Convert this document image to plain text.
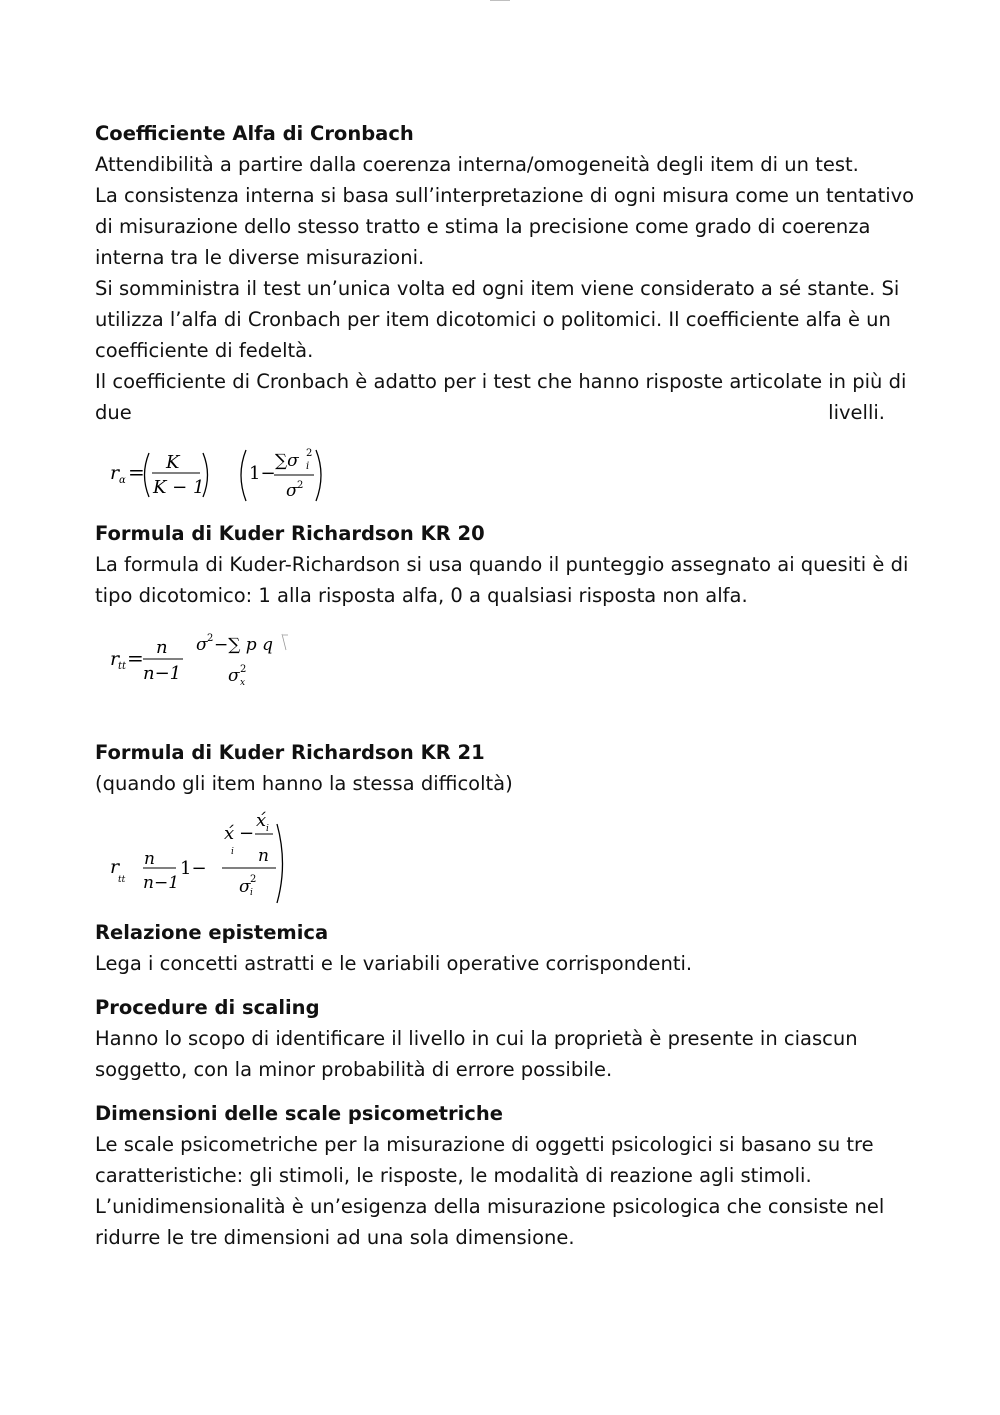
Coefficiente Alfa di Cronbach
Attendibilità a partire dalla coerenza interna/omogeneità degli item di un test.
La consistenza interna si basa sull’interpretazione di ogni misura come un tentativo
di misurazione dello stesso tratto e stima la precisione come grado di coerenza
interna tra le diverse misurazioni.
Si somministra il test un’unica volta ed ogni item viene considerato a sé stante. Si
utilizza l’alfa di Cronbach per item dicotomici o politomici. Il coefficiente alfa è un
coefficiente di fedeltà.
Il coefficiente di Cronbach è adatto per i test che hanno risposte articolate in più di
due	livelli.
r α = K
K − 1
1−
∑σ 2
i
σ 2
Formula di Kuder Richardson KR 20
La formula di Kuder-Richardson si usa quando il punteggio assegnato ai quesiti è di
tipo dicotomico: 1 alla risposta alfa, 0 a qualsiasi risposta non alfa.
r
tt = n
n−1
σ 2 −∑ p q
σ 2
x
Formula di Kuder Richardson KR 21
(quando gli item hanno la stessa difficoltà)
r
tt
n
n−1
1−
x́
i
−
x́ i
n
σ 2
i
Relazione epistemica
Lega i concetti astratti e le variabili operative corrispondenti.
Procedure di scaling
Hanno lo scopo di identificare il livello in cui la proprietà è presente in ciascun
soggetto, con la minor probabilità di errore possibile.
Dimensioni delle scale psicometriche
Le scale psicometriche per la misurazione di oggetti psicologici si basano su tre
caratteristiche: gli stimoli, le risposte, le modalità di reazione agli stimoli.
L’unidimensionalità è un’esigenza della misurazione psicologica che consiste nel
ridurre le tre dimensioni ad una sola dimensione.
